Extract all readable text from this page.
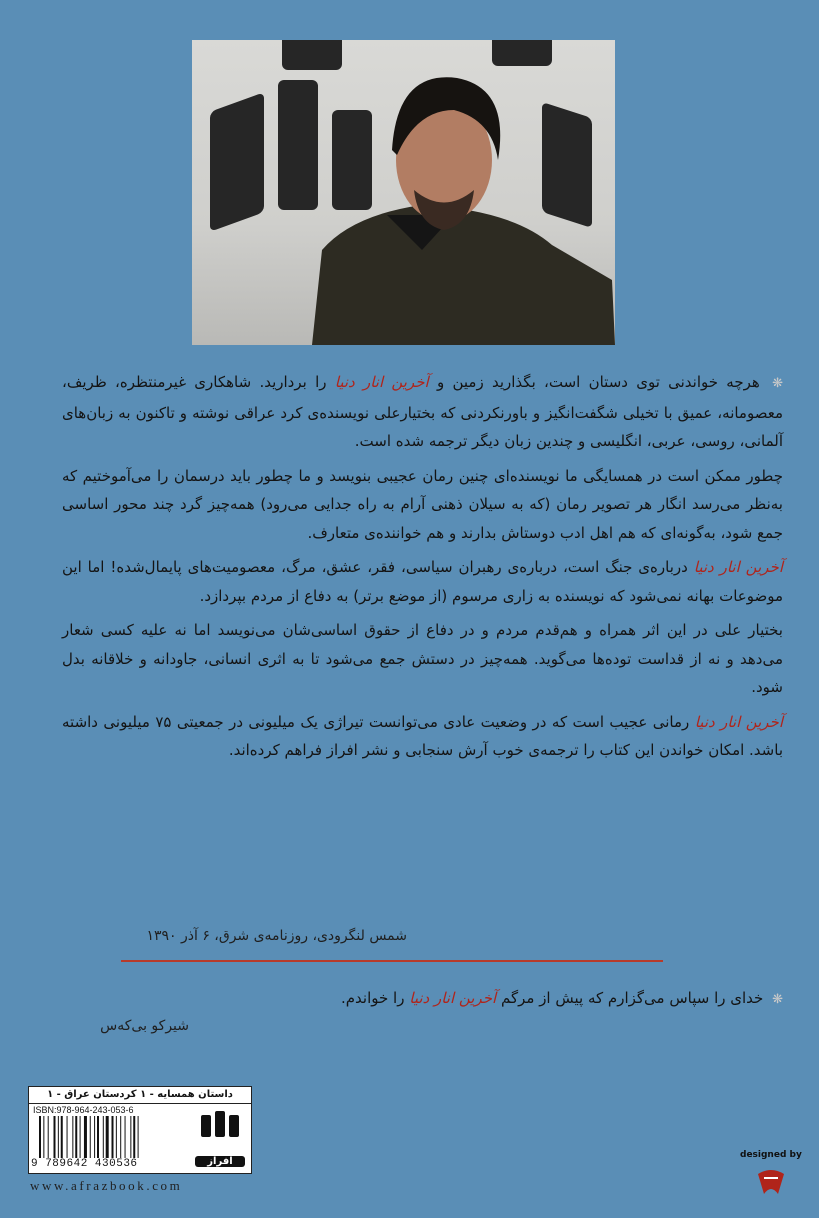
❋ هرچه خواندنی توی دستان است، بگذارید زمین و آخرین انار دنیا را بردارید. شاهکاری غیرمنتظره، ظریف، معصومانه، عمیق با تخیلی شگفت‌انگیز و باورنکردنی که بختیارعلی نویسنده‌ی کرد عراقی نوشته و تاکنون به زبان‌های آلمانی، روسی، عربی، انگلیسی و چندین زبان دیگر ترجمه شده است.

چطور ممکن است در همسایگی ما نویسنده‌ای چنین رمان عجیبی بنویسد و ما چطور باید درسمان را می‌آموختیم که به‌نظر می‌رسد انگار هر تصویر رمان (که به سیلان ذهنی آرام به راه جدایی می‌رود) همه‌چیز گرد چند محور اساسی جمع شود، به‌گونه‌ای که هم اهل ادب دوستاش بدارند و هم خواننده‌ی متعارف.

آخرین انار دنیا درباره‌ی جنگ است، درباره‌ی رهبران سیاسی، فقر، عشق، مرگ، معصومیت‌های پایمال‌شده! اما این موضوعات بهانه نمی‌شود که نویسنده به زاری مرسوم (از موضع برتر) به دفاع از مردم بپردازد.

بختیار علی در این اثر همراه و هم‌قدم مردم و در دفاع از حقوق اساسی‌شان می‌نویسد اما نه علیه کسی شعار می‌دهد و نه از قداست توده‌ها می‌گوید. همه‌چیز در دستش جمع می‌شود تا به اثری انسانی، جاودانه و خلاقانه بدل شود.

آخرین انار دنیا رمانی عجیب است که در وضعیت عادی می‌توانست تیراژی یک میلیونی در جمعیتی ۷۵ میلیونی داشته باشد. امکان خواندن این کتاب را ترجمه‌ی خوب آرش سنجابی و نشر افراز فراهم کرده‌اند.

شمس لنگرودی، روزنامه‌ی شرق، ۶ آذر ۱۳۹۰

❋ خدای را سپاس می‌گزارم که پیش از مرگم آخرین انار دنیا را خواندم.

شیرکو بی‌کەس
داستان همسایه - ۱ کردستان عراق - ۱
ISBN:978-964-243-053-6
9 789642 430536	افراز
www.afrazbook.com
designed by
